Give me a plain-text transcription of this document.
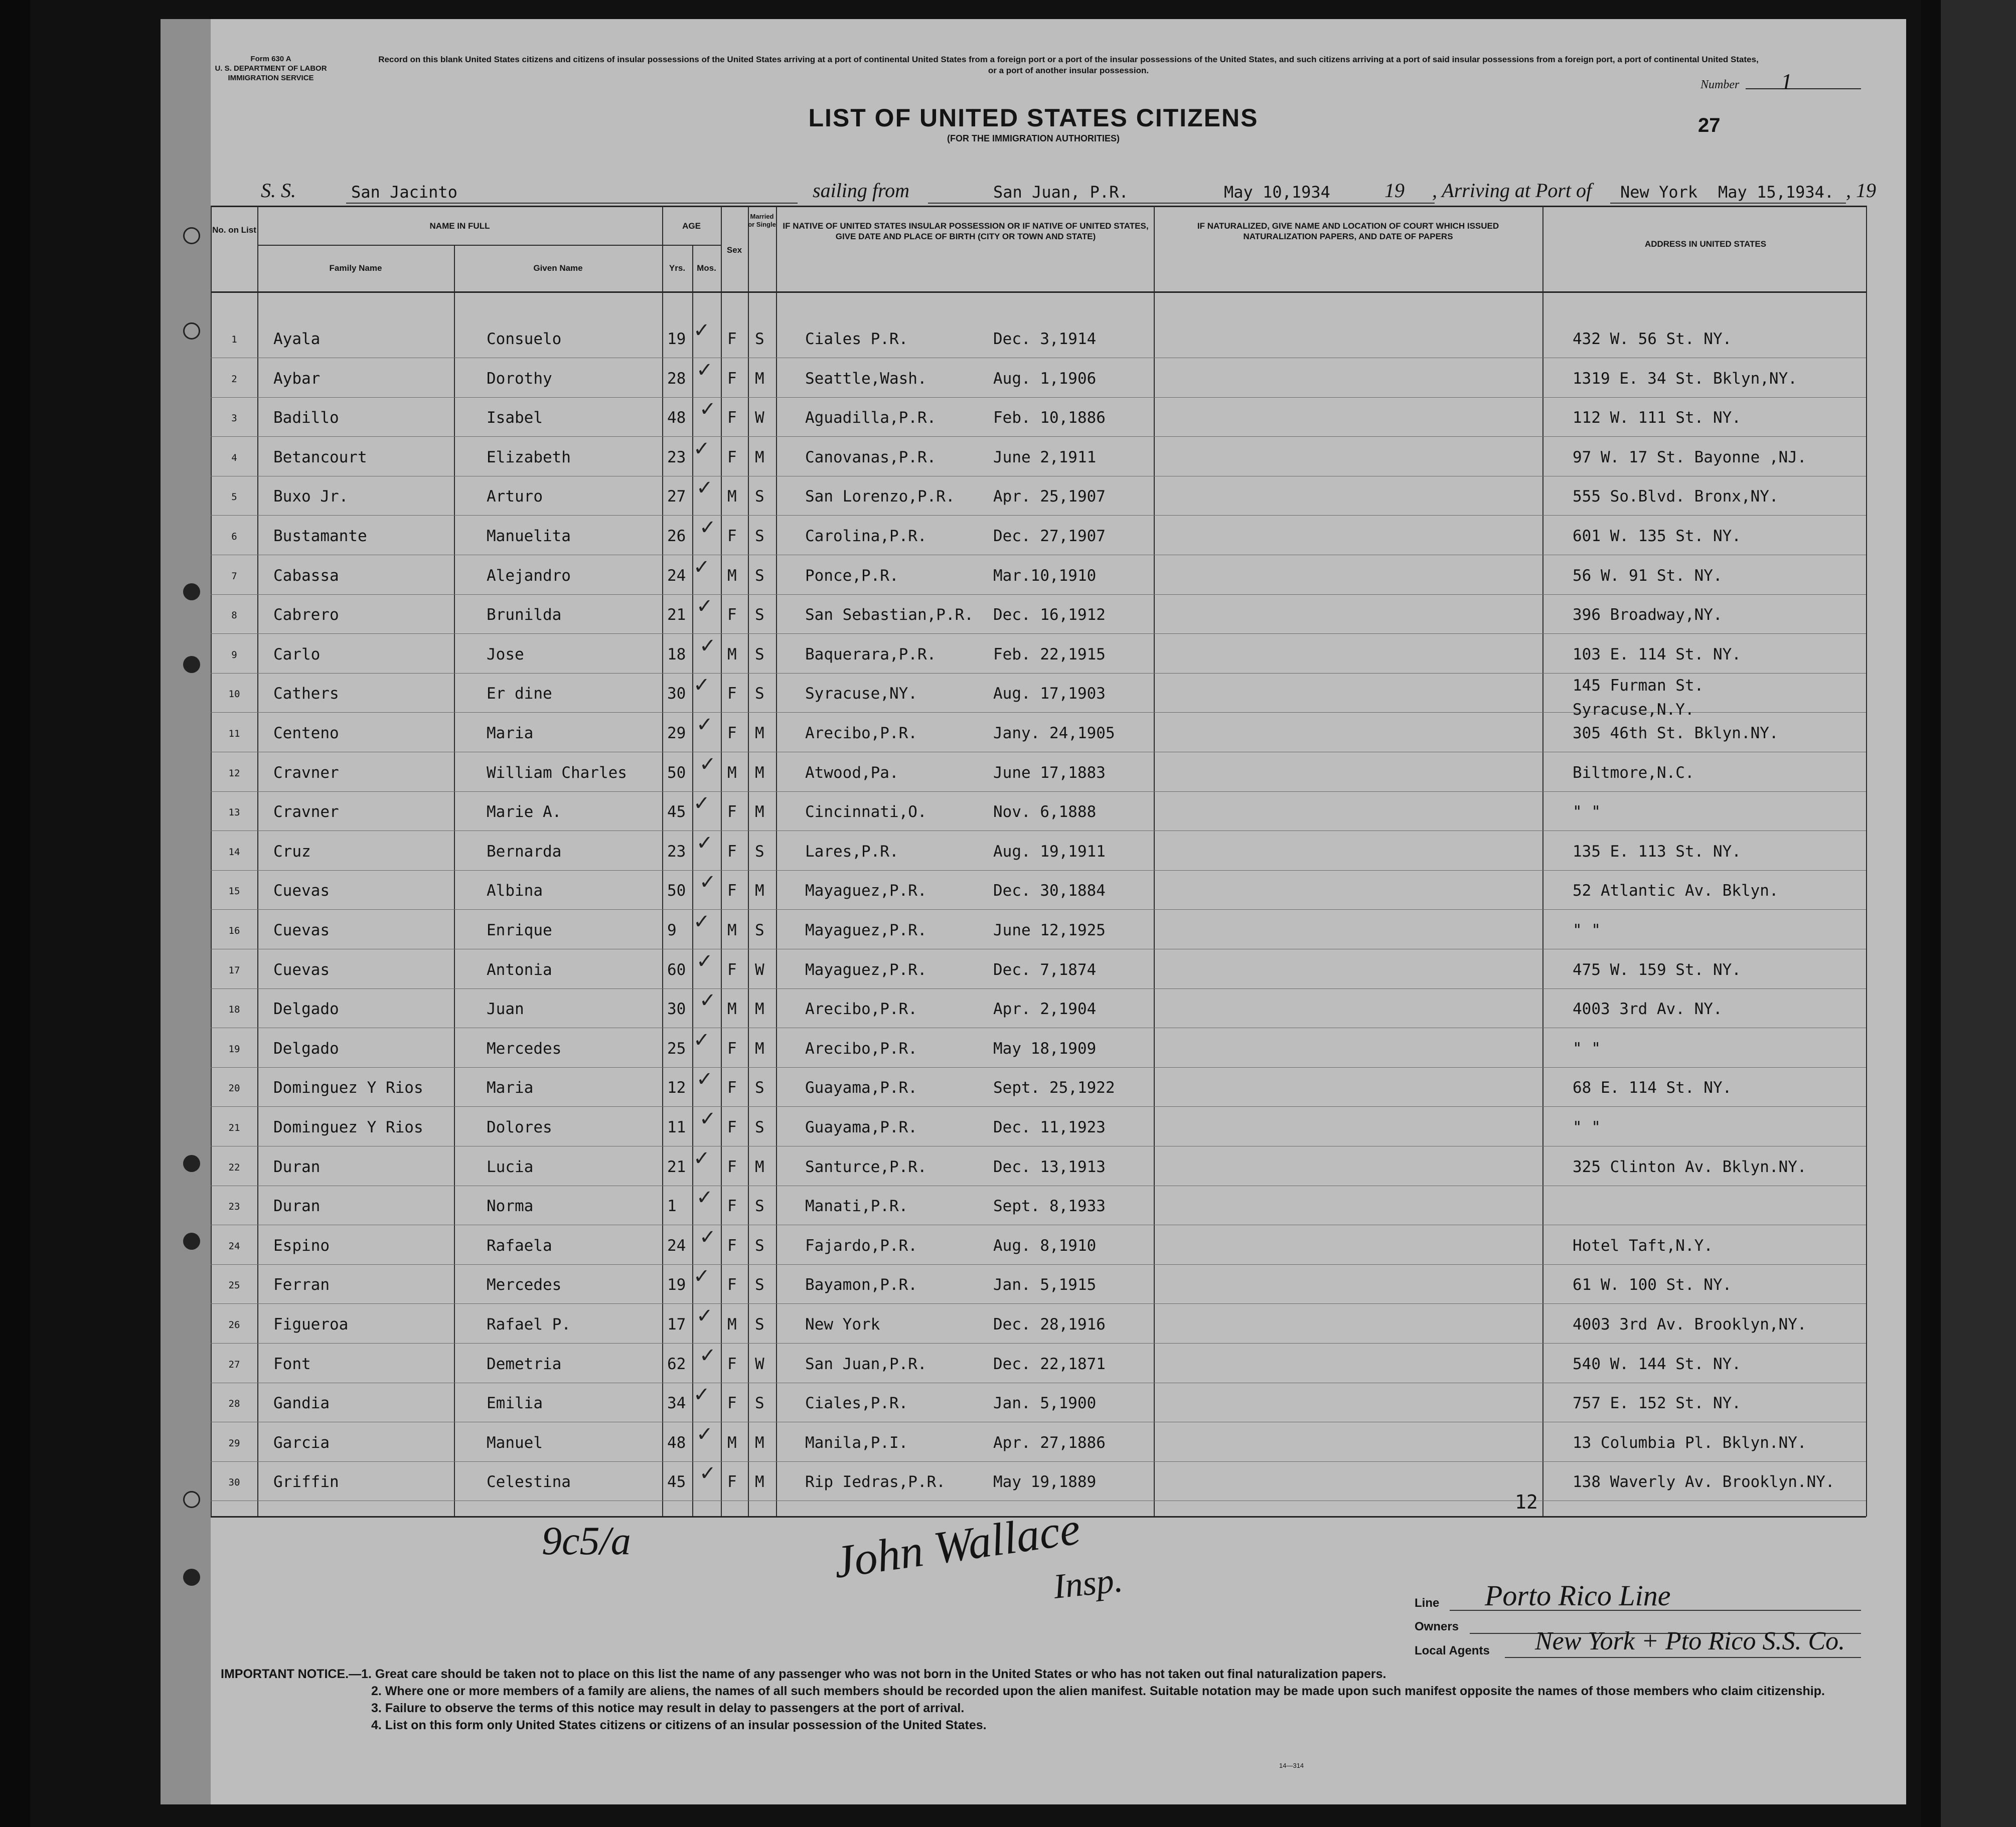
Form 630 A
U. S. DEPARTMENT OF LABOR
IMMIGRATION SERVICE
Record on this blank United States citizens and citizens of insular possessions of the United States arriving at a port of continental United States from a foreign port or a port of the insular possessions of the United States, and such citizens arriving at a port of said insular possessions from a foreign port, a port of continental United States, or a port of another insular possession.
Number 1
LIST OF UNITED STATES CITIZENS
(FOR THE IMMIGRATION AUTHORITIES)
27
S. S.	San Jacinto	sailing from	San Juan, P.R.	May 10,1934	19 , Arriving at Port of New York May 15,1934. , 19
No. on List	NAME IN FULL
Family Name	Given Name
AGE
Yrs.	Mos.
Sex
Married or Single IF NATIVE OF UNITED STATES INSULAR POSSESSION OR IF NATIVE OF UNITED STATES, GIVE DATE AND PLACE OF BIRTH (CITY OR TOWN AND STATE)
IF NATURALIZED, GIVE NAME AND LOCATION OF COURT WHICH ISSUED NATURALIZATION PAPERS, AND DATE OF PAPERS
ADDRESS IN UNITED STATES
1	Ayala	Consuelo	19	F S	Ciales P.R.	Dec. 3,1914	432 W. 56 St. NY.
✓
2	Aybar	Dorothy	28	F M	Seattle,Wash.	Aug. 1,1906	1319 E. 34 St. Bklyn,NY.
✓
3	Badillo	Isabel	48	F W	Aguadilla,P.R.	Feb. 10,1886	112 W. 111 St. NY.
✓
4	Betancourt	Elizabeth	23	F M	Canovanas,P.R.	June 2,1911	97 W. 17 St. Bayonne ,NJ.
✓
5	Buxo Jr.	Arturo	27	M S	San Lorenzo,P.R. Apr. 25,1907	555 So.Blvd. Bronx,NY.
✓
6	Bustamante	Manuelita	26	F S	Carolina,P.R.	Dec. 27,1907	601 W. 135 St. NY.
✓
7	Cabassa	Alejandro	24	M S	Ponce,P.R.	Mar.10,1910	56 W. 91 St. NY.
✓
8	Cabrero	Brunilda	21	F S	San Sebastian,P.R. Dec. 16,1912	396 Broadway,NY.
✓
9	Carlo	Jose	18	M S	Baquerara,P.R.	Feb. 22,1915	103 E. 114 St. NY.
✓
10	Cathers	Er dine	30	F S	Syracuse,NY.	Aug. 17,1903	145 Furman St.
Syracuse,N.Y.
✓
11	Centeno	Maria	29	F M	Arecibo,P.R.	Jany. 24,1905	305 46th St. Bklyn.NY.
✓
12	Cravner	William Charles	50	M M	Atwood,Pa.	June 17,1883	Biltmore,N.C.
✓
13	Cravner	Marie A.	45	F M	Cincinnati,O.	Nov. 6,1888	" "
✓
14	Cruz	Bernarda	23	F S	Lares,P.R.	Aug. 19,1911	135 E. 113 St. NY.
✓
15	Cuevas	Albina	50	F M	Mayaguez,P.R.	Dec. 30,1884	52 Atlantic Av. Bklyn.
✓
16	Cuevas	Enrique	9	M S	Mayaguez,P.R.	June 12,1925	" "
✓
17	Cuevas	Antonia	60	F W	Mayaguez,P.R.	Dec. 7,1874	475 W. 159 St. NY.
✓
18	Delgado	Juan	30	M M	Arecibo,P.R.	Apr. 2,1904	4003 3rd Av. NY.
✓
19	Delgado	Mercedes	25	F M	Arecibo,P.R.	May 18,1909	" "
✓
20	Dominguez Y Rios	Maria	12	F S	Guayama,P.R.	Sept. 25,1922	68 E. 114 St. NY.
✓
21	Dominguez Y Rios	Dolores	11	F S	Guayama,P.R.	Dec. 11,1923	" "
✓
22	Duran	Lucia	21	F M	Santurce,P.R.	Dec. 13,1913	325 Clinton Av. Bklyn.NY.
✓
23	Duran	Norma	1	F S	Manati,P.R.	Sept. 8,1933
✓
24	Espino	Rafaela	24	F S	Fajardo,P.R.	Aug. 8,1910	Hotel Taft,N.Y.
✓
25	Ferran	Mercedes	19	F S	Bayamon,P.R.	Jan. 5,1915	61 W. 100 St. NY.
✓
26	Figueroa	Rafael P.	17	M S	New York	Dec. 28,1916	4003 3rd Av. Brooklyn,NY.
✓
27	Font	Demetria	62	F W	San Juan,P.R.	Dec. 22,1871	540 W. 144 St. NY.
✓
28	Gandia	Emilia	34	F S	Ciales,P.R.	Jan. 5,1900	757 E. 152 St. NY.
✓
29	Garcia	Manuel	48	M M	Manila,P.I.	Apr. 27,1886	13 Columbia Pl. Bklyn.NY.
✓
30	Griffin	Celestina	45	F M	Rip Iedras,P.R.	May 19,1889	138 Waverly Av. Brooklyn.NY.
✓
12
9c5/a	John Wallace
Insp.	Line Porto Rico Line
Owners
Local Agents New York + Pto Rico S.S. Co.
IMPORTANT NOTICE.—1. Great care should be taken not to place on this list the name of any passenger who was not born in the United States or who has not taken out final naturalization papers.
2. Where one or more members of a family are aliens, the names of all such members should be recorded upon the alien manifest. Suitable notation may be made upon such manifest opposite the names of those members who claim citizenship.
3. Failure to observe the terms of this notice may result in delay to passengers at the port of arrival.
4. List on this form only United States citizens or citizens of an insular possession of the United States.
14—314
